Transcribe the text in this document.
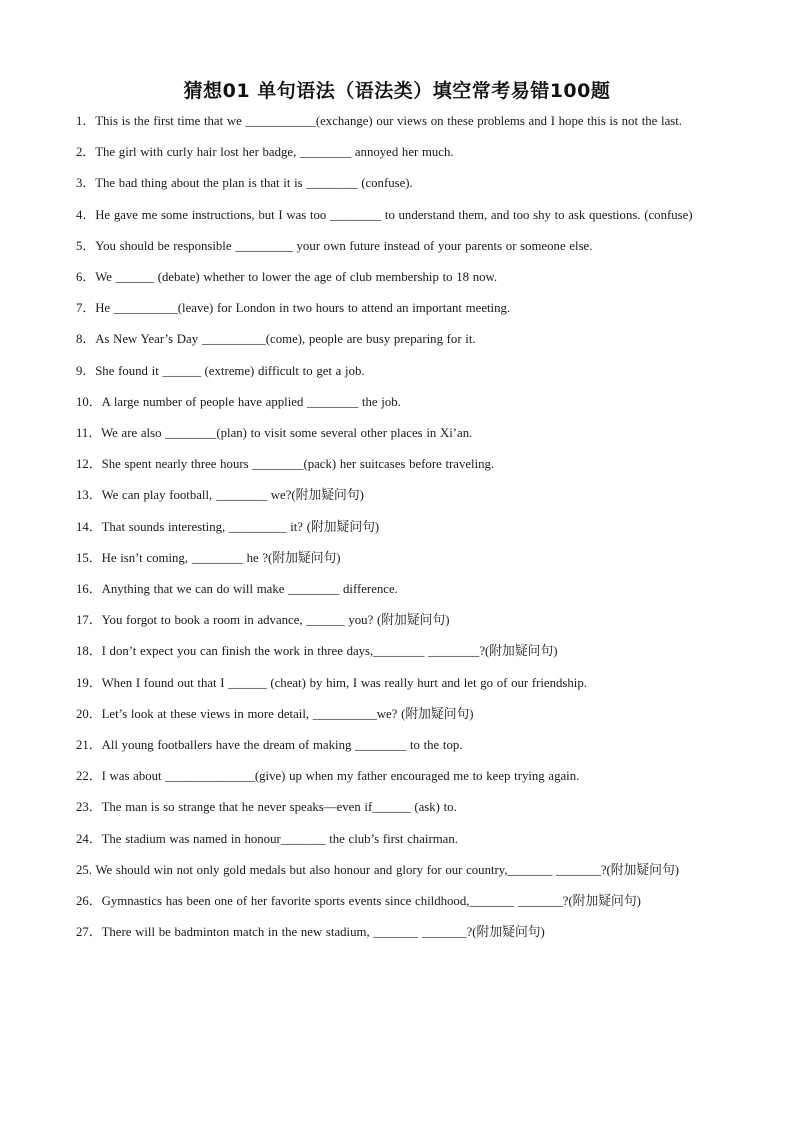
猜想01 单句语法（语法类）填空常考易错100题
1．This is the first time that we ___________(exchange) our views on these problems and I hope this is not the last.
2．The girl with curly hair lost her badge, ________ annoyed her much.
3．The bad thing about the plan is that it is ________ (confuse).
4．He gave me some instructions, but I was too ________ to understand them, and too shy to ask questions. (confuse)
5．You should be responsible _________ your own future instead of your parents or someone else.
6．We ______ (debate) whether to lower the age of club membership to 18 now.
7．He __________(leave) for London in two hours to attend an important meeting.
8．As New Year’s Day __________(come), people are busy preparing for it.
9．She found it ______ (extreme) difficult to get a job.
10．A large number of people have applied ________ the job.
11．We are also ________(plan) to visit some several other places in Xi’an.
12．She spent nearly three hours ________(pack) her suitcases before traveling.
13．We can play football, ________ we?(附加疑问句)
14．That sounds interesting, _________ it? (附加疑问句)
15．He isn’t coming, ________ he ?(附加疑问句)
16．Anything that we can do will make ________ difference.
17．You forgot to book a room in advance, ______ you? (附加疑问句)
18．I don’t expect you can finish the work in three days,________ ________?(附加疑问句)
19．When I found out that I ______ (cheat) by him, I was really hurt and let go of our friendship.
20．Let’s look at these views in more detail, __________we? (附加疑问句)
21．All young footballers have the dream of making ________ to the top.
22．I was about ______________(give) up when my father encouraged me to keep trying again.
23．The man is so strange that he never speaks—even if______ (ask) to.
24．The stadium was named in honour_______ the club’s first chairman.
25. We should win not only gold medals but also honour and glory for our country,_______ _______?(附加疑问句)
26．Gymnastics has been one of her favorite sports events since childhood,_______ _______?(附加疑问句)
27．There will be badminton match in the new stadium, _______ _______?(附加疑问句)
